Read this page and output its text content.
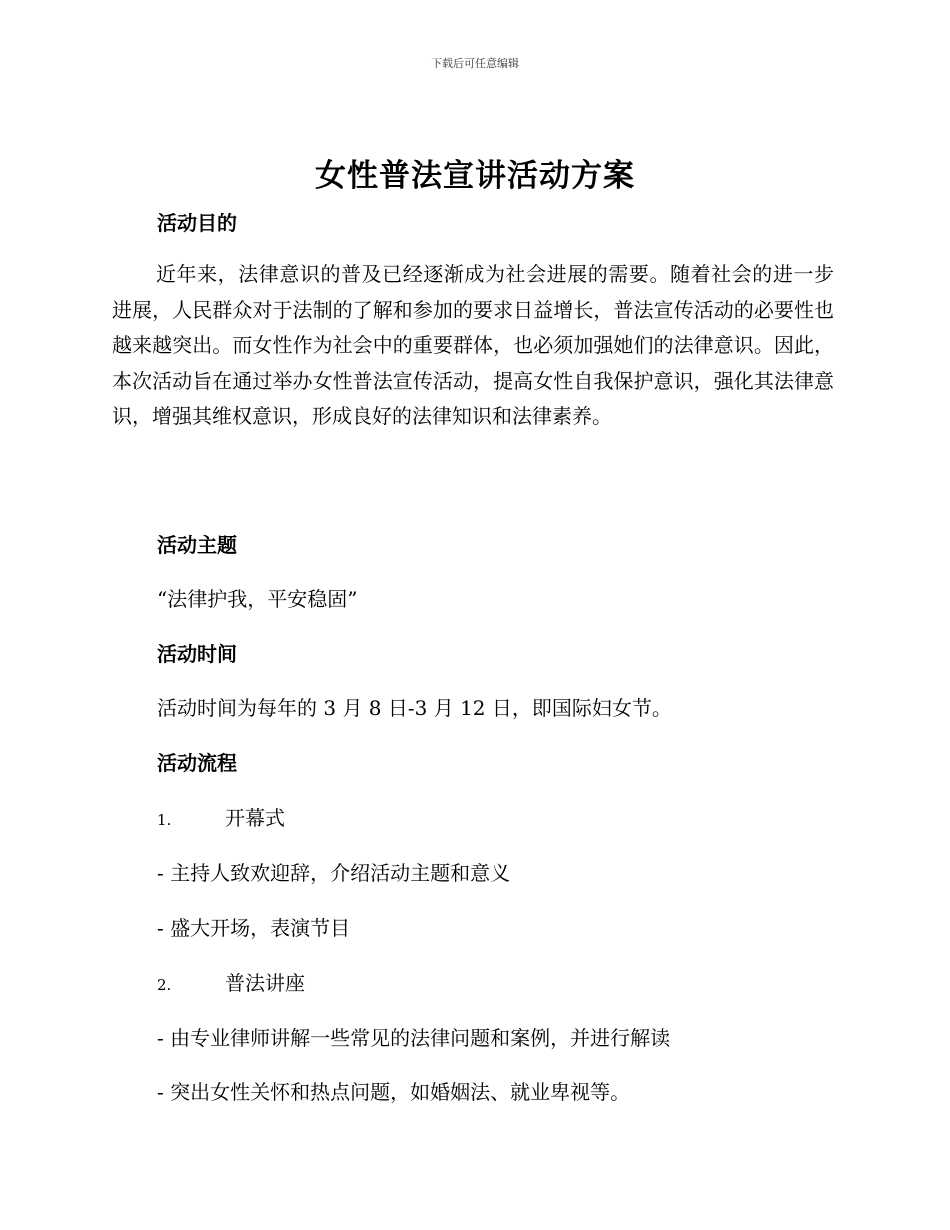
下载后可任意编辑
女性普法宣讲活动方案
活动目的
近年来，法律意识的普及已经逐渐成为社会进展的需要。随着社会的进一步进展，人民群众对于法制的了解和参加的要求日益增长，普法宣传活动的必要性也越来越突出。而女性作为社会中的重要群体，也必须加强她们的法律意识。因此，本次活动旨在通过举办女性普法宣传活动，提高女性自我保护意识，强化其法律意识，增强其维权意识，形成良好的法律知识和法律素养。
活动主题
“法律护我，平安稳固”
活动时间
活动时间为每年的 3 月 8 日-3 月 12 日，即国际妇女节。
活动流程
1.	开幕式
- 主持人致欢迎辞，介绍活动主题和意义
- 盛大开场，表演节目
2.	普法讲座
- 由专业律师讲解一些常见的法律问题和案例，并进行解读
- 突出女性关怀和热点问题，如婚姻法、就业卑视等。
